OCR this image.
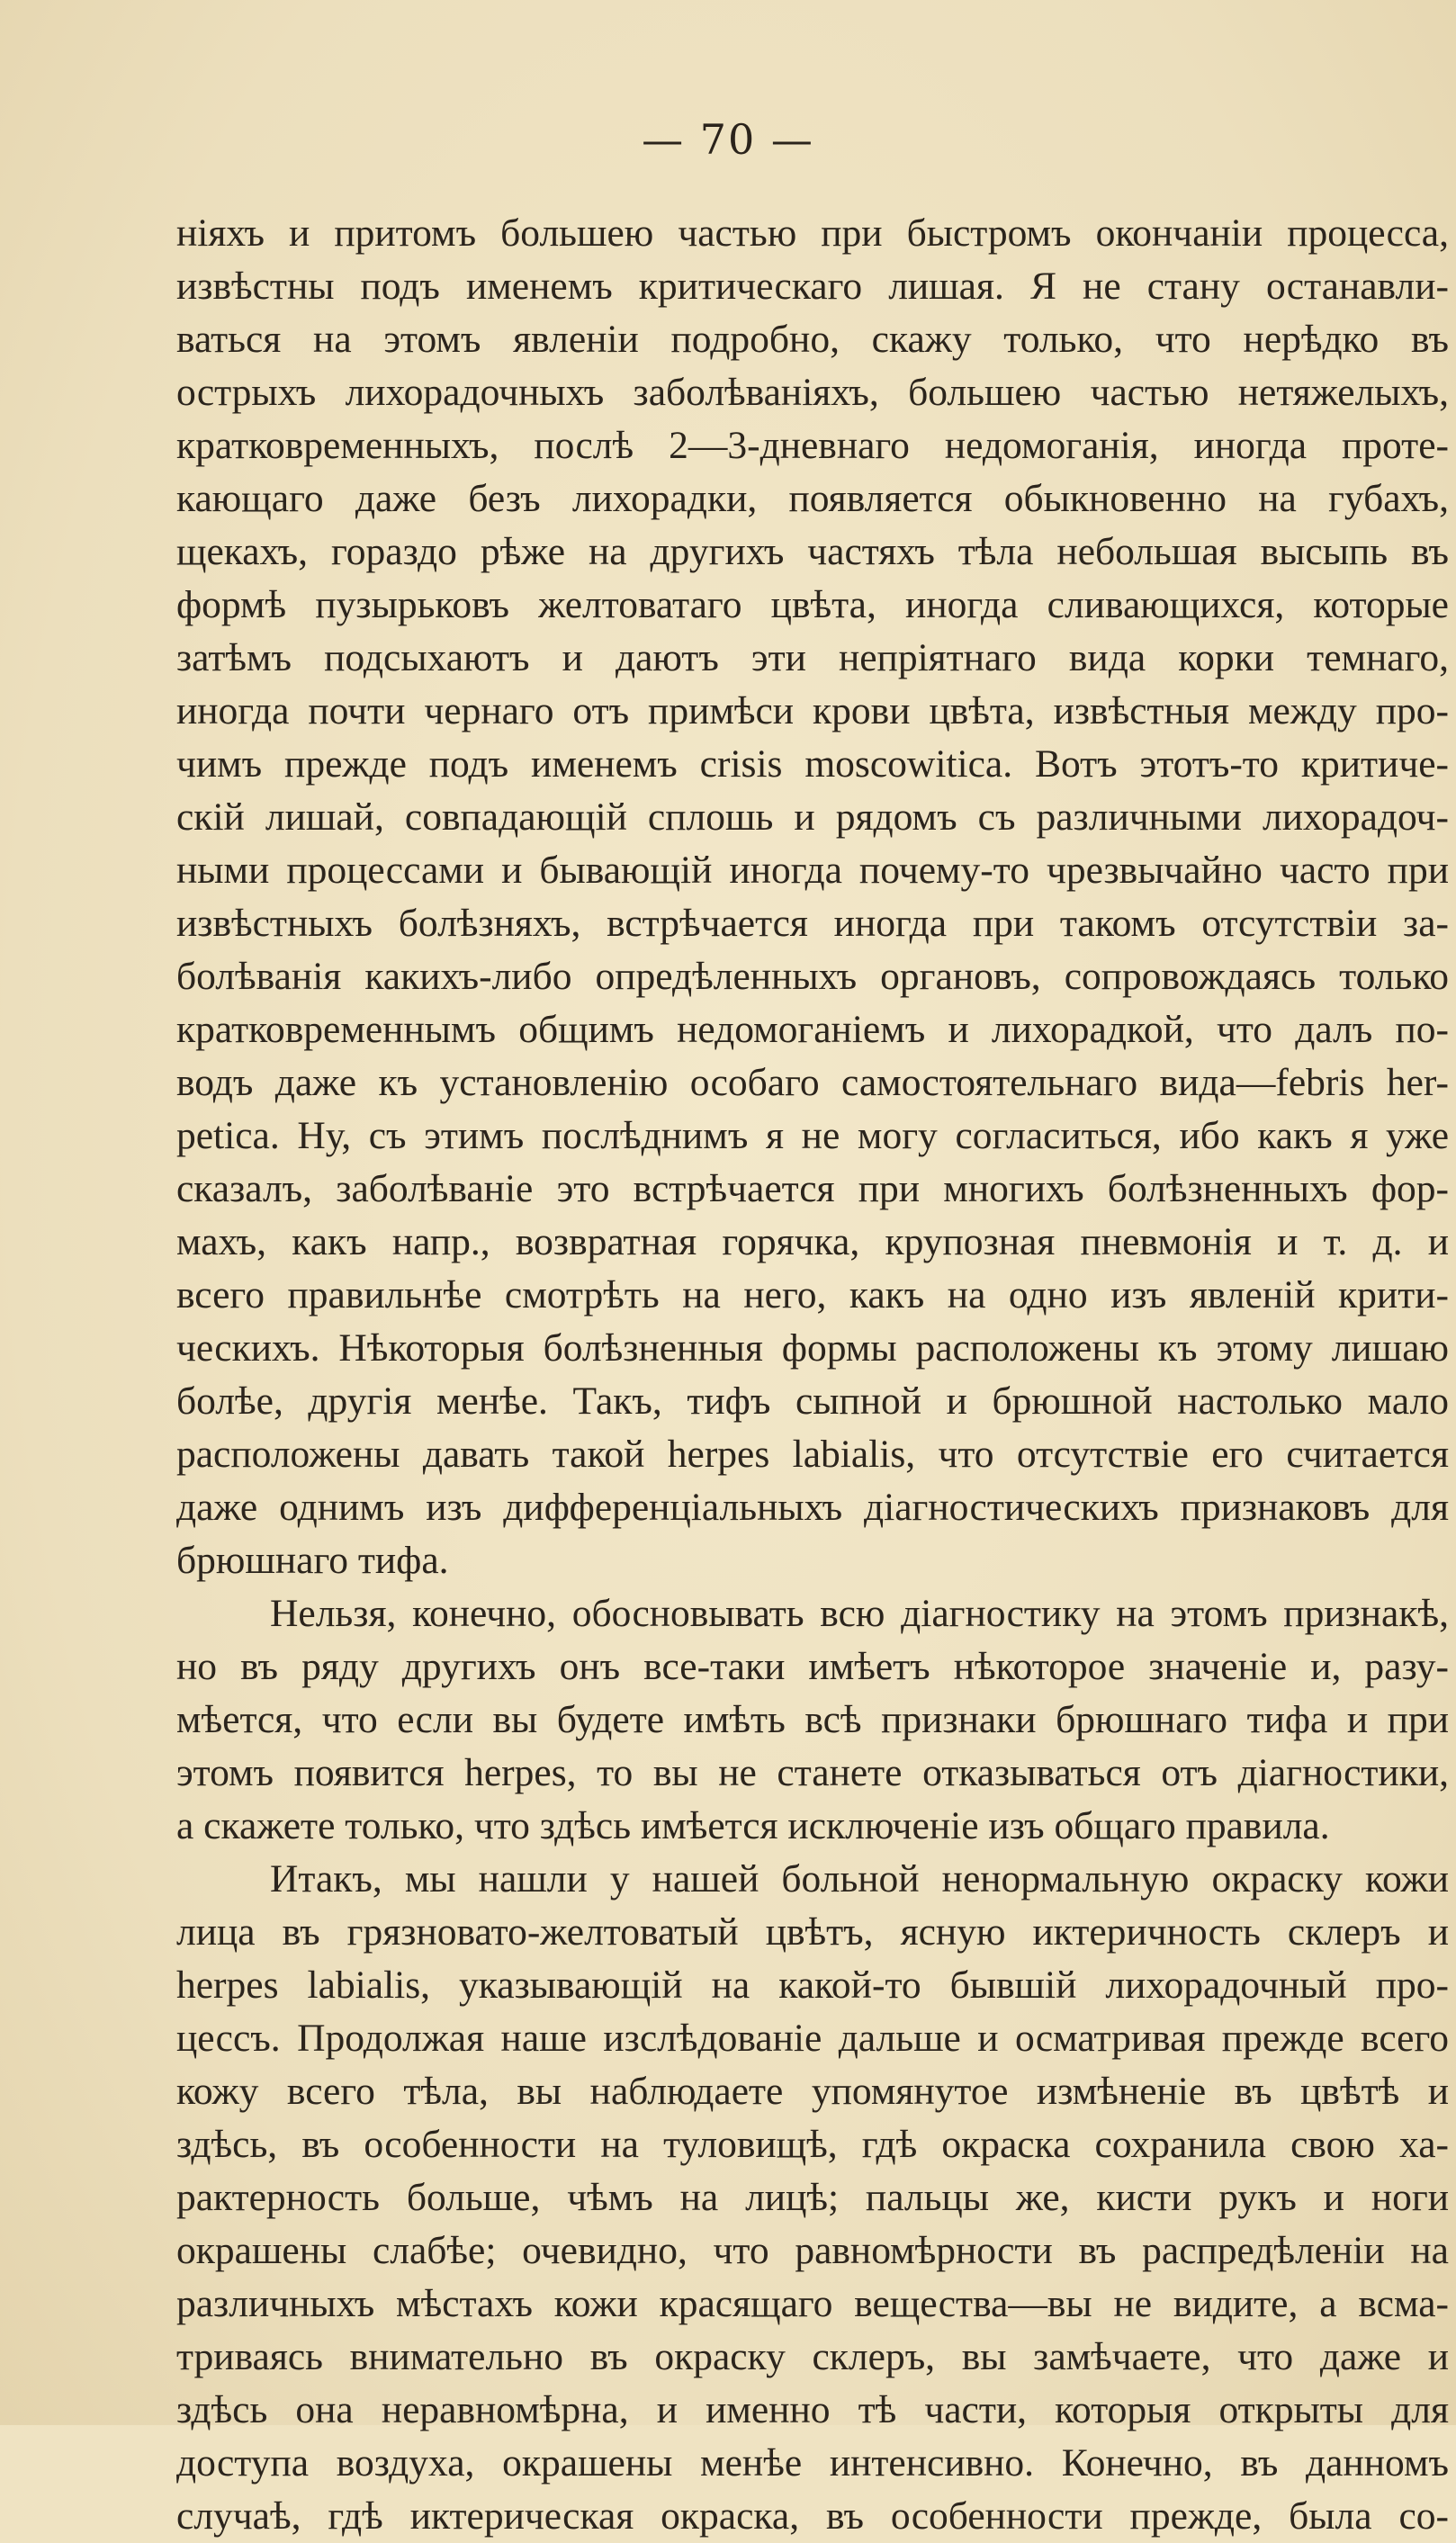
— 70 —
нiяхъ и притомъ большею частью при быстромъ окончанiи процесса,
извѣстны подъ именемъ критическаго лишая. Я не стану останавли-
ваться на этомъ явленiи подробно, скажу только, что нерѣдко въ
острыхъ лихорадочныхъ заболѣванiяхъ, большею частью нетяжелыхъ,
кратковременныхъ, послѣ 2—3-дневнаго недомоганiя, иногда проте-
кающаго даже безъ лихорадки, появляется обыкновенно на губахъ,
щекахъ, гораздо рѣже на другихъ частяхъ тѣла небольшая высыпь въ
формѣ пузырьковъ желтоватаго цвѣта, иногда сливающихся, которые
затѣмъ подсыхаютъ и даютъ эти непрiятнаго вида корки темнаго,
иногда почти чернаго отъ примѣси крови цвѣта, извѣстныя между про-
чимъ прежде подъ именемъ crisis moscowitica. Вотъ этотъ-то критиче-
скiй лишай, совпадающiй сплошь и рядомъ съ различными лихорадоч-
ными процессами и бывающiй иногда почему-то чрезвычайно часто при
извѣстныхъ болѣзняхъ, встрѣчается иногда при такомъ отсутствiи за-
болѣванiя какихъ-либо опредѣленныхъ органовъ, сопровождаясь только
кратковременнымъ общимъ недомоганiемъ и лихорадкой, что далъ по-
водъ даже къ установленiю особаго самостоятельнаго вида—febris her-
petica. Ну, съ этимъ послѣднимъ я не могу согласиться, ибо какъ я уже
сказалъ, заболѣванiе это встрѣчается при многихъ болѣзненныхъ фор-
махъ, какъ напр., возвратная горячка, крупозная пневмонiя и т. д. и
всего правильнѣе смотрѣть на него, какъ на одно изъ явленiй крити-
ческихъ. Нѣкоторыя болѣзненныя формы расположены къ этому лишаю
болѣе, другiя менѣе. Такъ, тифъ сыпной и брюшной настолько мало
расположены давать такой herpes labialis, что отсутствiе его считается
даже однимъ изъ дифференцiальныхъ дiагностическихъ признаковъ для
брюшнаго тифа.
Нельзя, конечно, обосновывать всю дiагностику на этомъ признакѣ,
но въ ряду другихъ онъ все-таки имѣетъ нѣкоторое значенiе и, разу-
мѣется, что если вы будете имѣть всѣ признаки брюшнаго тифа и при
этомъ появится herpes, то вы не станете отказываться отъ дiагностики,
а скажете только, что здѣсь имѣется исключенiе изъ общаго правила.
Итакъ, мы нашли у нашей больной ненормальную окраску кожи
лица въ грязновато-желтоватый цвѣтъ, ясную иктеричность склеръ и
herpes labialis, указывающiй на какой-то бывшiй лихорадочный про-
цессъ. Продолжая наше изслѣдованiе дальше и осматривая прежде всего
кожу всего тѣла, вы наблюдаете упомянутое измѣненiе въ цвѣтѣ и
здѣсь, въ особенности на туловищѣ, гдѣ окраска сохранила свою ха-
рактерность больше, чѣмъ на лицѣ; пальцы же, кисти рукъ и ноги
окрашены слабѣе; очевидно, что равномѣрности въ распредѣленiи на
различныхъ мѣстахъ кожи красящаго вещества—вы не видите, а всма-
триваясь внимательно въ окраску склеръ, вы замѣчаете, что даже и
здѣсь она неравномѣрна, и именно тѣ части, которыя открыты для
доступа воздуха, окрашены менѣе интенсивно. Конечно, въ данномъ
случаѣ, гдѣ иктерическая окраска, въ особенности прежде, была со-
